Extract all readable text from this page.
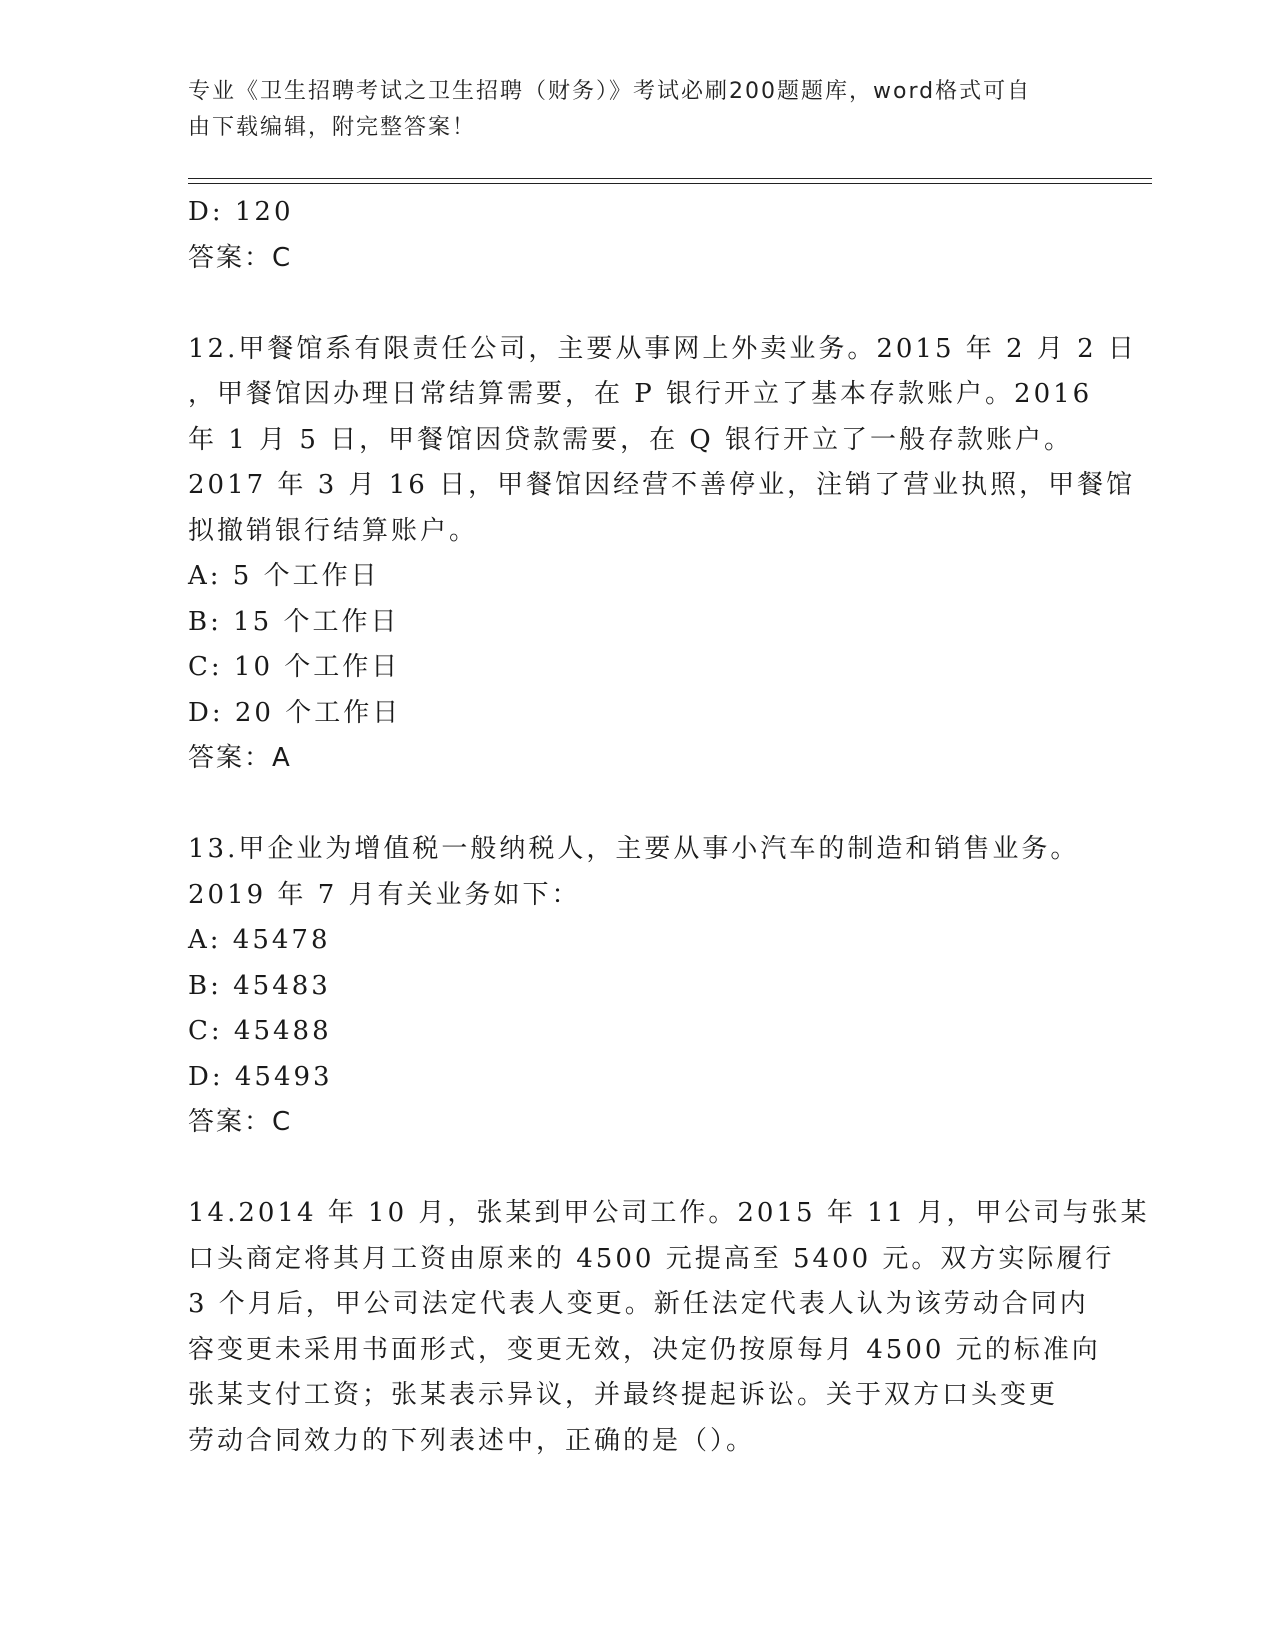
专业《卫生招聘考试之卫生招聘（财务）》考试必刷200题题库，word格式可自
由下载编辑，附完整答案！
D: 120
答案：C
12.甲餐馆系有限责任公司，主要从事网上外卖业务。2015 年 2 月 2 日
，甲餐馆因办理日常结算需要，在 P 银行开立了基本存款账户。2016
年 1 月 5 日，甲餐馆因贷款需要，在 Q 银行开立了一般存款账户。
2017 年 3 月 16 日，甲餐馆因经营不善停业，注销了营业执照，甲餐馆
拟撤销银行结算账户。
A: 5 个工作日
B: 15 个工作日
C: 10 个工作日
D: 20 个工作日
答案：A
13.甲企业为增值税一般纳税人，主要从事小汽车的制造和销售业务。
2019 年 7 月有关业务如下：
A: 45478
B: 45483
C: 45488
D: 45493
答案：C
14.2014 年 10 月，张某到甲公司工作。2015 年 11 月，甲公司与张某
口头商定将其月工资由原来的 4500 元提高至 5400 元。双方实际履行
3 个月后，甲公司法定代表人变更。新任法定代表人认为该劳动合同内
容变更未采用书面形式，变更无效，决定仍按原每月 4500 元的标准向
张某支付工资；张某表示异议，并最终提起诉讼。关于双方口头变更
劳动合同效力的下列表述中，正确的是（）。
